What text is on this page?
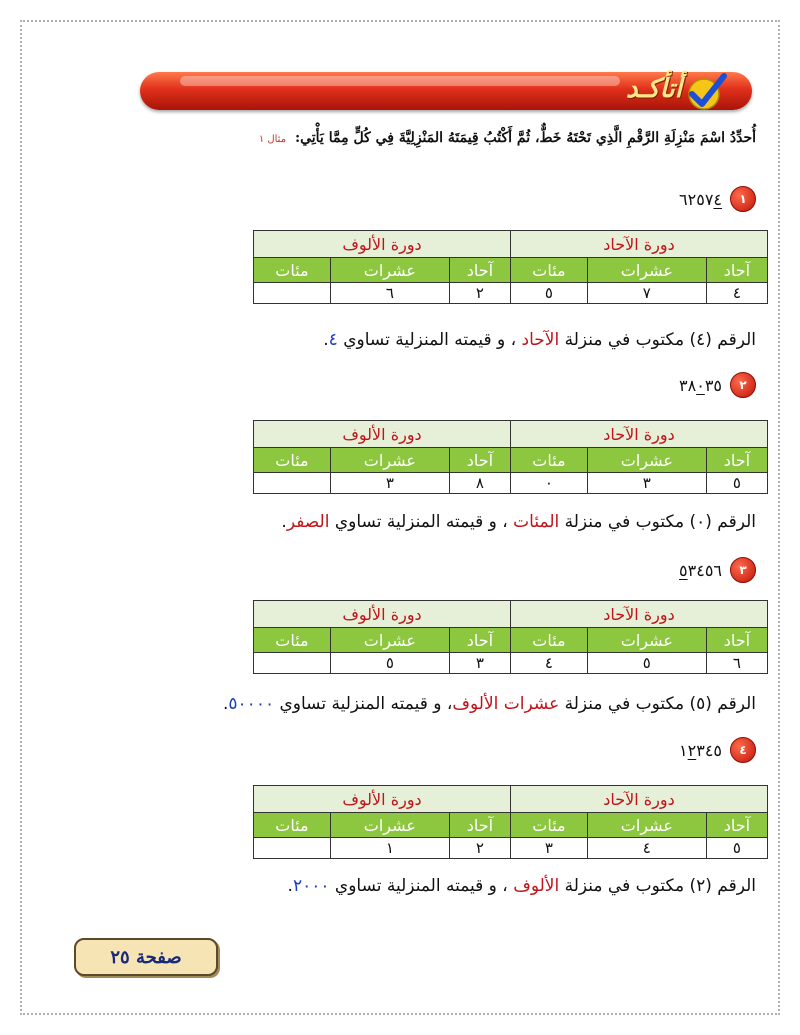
أتأكـد
أُحدِّدُ اسْمَ مَنْزِلَةِ الرَّقْمِ الَّذِي تَحْتَهُ خَطٌّ، ثُمَّ أَكْتُبُ قِيمَتَهُ المَنْزِلِيَّةَ فِي كُلٍّ مِمَّا يَأْتِي: مثال ١
١
٦٢٥٧٤
دورة الآحاد			دورة الألوف		
آحاد	عشرات	مئات	آحاد	عشرات	مئات
٤	٧	٥	٢	٦	
الرقم (٤) مكتوب في منزلة الآحاد ، و قيمته المنزلية تساوي ٤.
٢
٣٨٠٣٥
دورة الآحاد			دورة الألوف		
آحاد	عشرات	مئات	آحاد	عشرات	مئات
٥	٣	٠	٨	٣	
الرقم (٠) مكتوب في منزلة المئات ، و قيمته المنزلية تساوي الصفر.
٣
٥٣٤٥٦
دورة الآحاد			دورة الألوف		
آحاد	عشرات	مئات	آحاد	عشرات	مئات
٦	٥	٤	٣	٥	
الرقم (٥) مكتوب في منزلة عشرات الألوف، و قيمته المنزلية تساوي ٥٠٠٠٠.
٤
١٢٣٤٥
دورة الآحاد			دورة الألوف		
آحاد	عشرات	مئات	آحاد	عشرات	مئات
٥	٤	٣	٢	١	
الرقم (٢) مكتوب في منزلة الألوف ، و قيمته المنزلية تساوي ٢٠٠٠.
صفحة ٢٥
